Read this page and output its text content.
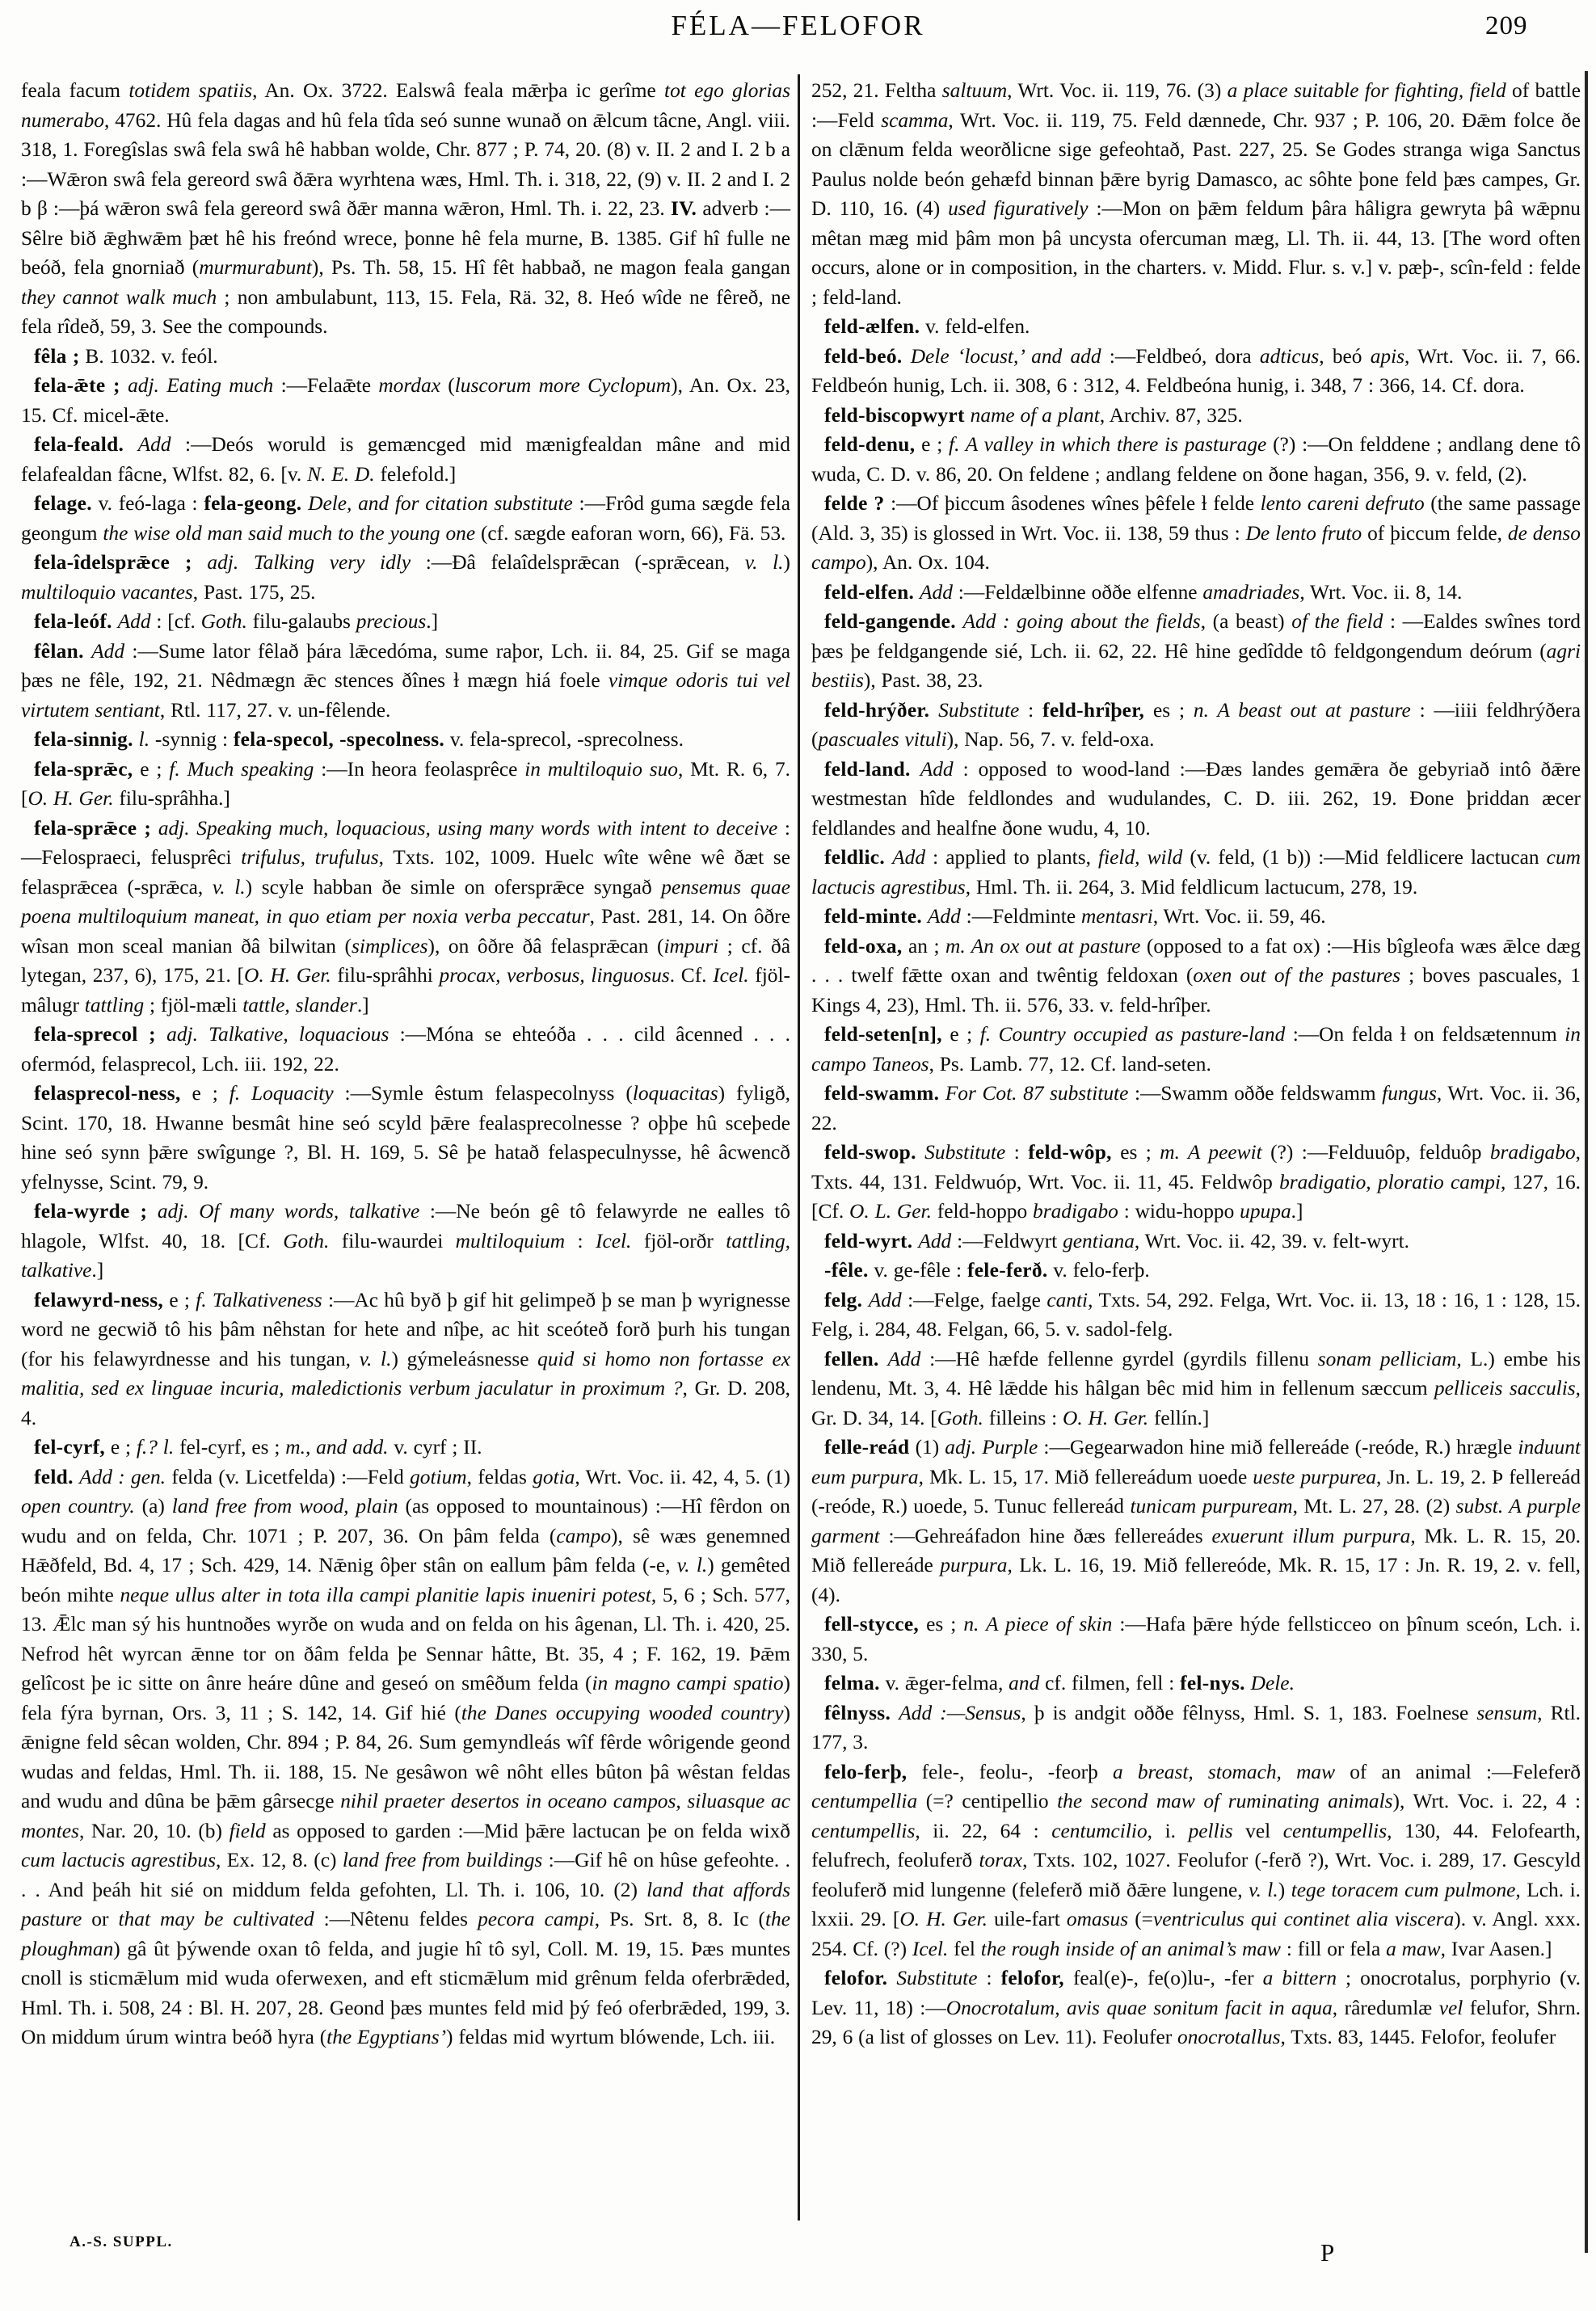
FÉLA—FELOFOR	209

feala facum totidem spatiis, An. Ox. 3722. Ealswâ feala mǣrþa ic gerîme tot ego glorias numerabo, 4762. Hû fela dagas and hû fela tîda seó sunne wunað on ǣlcum tâcne, Angl. viii. 318, 1. Foregîslas swâ fela swâ hê habban wolde, Chr. 877 ; P. 74, 20. (8) v. II. 2 and I. 2 b a :—Wǣron swâ fela gereord swâ ðǣra wyrhtena wæs, Hml. Th. i. 318, 22, (9) v. II. 2 and I. 2 b β :—þá wǣron swâ fela gereord swâ ðǣr manna wǣron, Hml. Th. i. 22, 23. IV. adverb :—Sêlre bið ǣghwǣm þæt hê his freónd wrece, þonne hê fela murne, B. 1385. Gif hî fulle ne beóð, fela gnorniað (murmurabunt), Ps. Th. 58, 15. Hî fêt habbað, ne magon feala gangan they cannot walk much ; non ambulabunt, 113, 15. Fela, Rä. 32, 8. Heó wîde ne fêreð, ne fela rîdeð, 59, 3. See the compounds.

fêla ; B. 1032. v. feól.

fela-ǣte ; adj. Eating much :—Felaǣte mordax (luscorum more Cyclopum), An. Ox. 23, 15. Cf. micel-ǣte.

fela-feald. Add :—Deós woruld is gemæncged mid mænigfealdan mâne and mid felafealdan fâcne, Wlfst. 82, 6. [v. N. E. D. felefold.]

felage. v. feó-laga : fela-geong. Dele, and for citation substitute :—Frôd guma sægde fela geongum the wise old man said much to the young one (cf. sægde eaforan worn, 66), Fä. 53.

fela-îdelsprǣce ; adj. Talking very idly :—Ðâ felaîdelsprǣcan (-sprǣcean, v. l.) multiloquio vacantes, Past. 175, 25.

fela-leóf. Add : [cf. Goth. filu-galaubs precious.]

fêlan. Add :—Sume lator fêlað þára lǣcedóma, sume raþor, Lch. ii. 84, 25. Gif se maga þæs ne fêle, 192, 21. Nêdmægn ǣc stences ðînes ɫ mægn hiá foele vimque odoris tui vel virtutem sentiant, Rtl. 117, 27. v. un-fêlende.

fela-sinnig. l. -synnig : fela-specol, -specolness. v. fela-sprecol, -sprecolness.

fela-sprǣc, e ; f. Much speaking :—In heora feolasprêce in multiloquio suo, Mt. R. 6, 7. [O. H. Ger. filu-sprâhha.]

fela-sprǣce ; adj. Speaking much, loquacious, using many words with intent to deceive :—Felospraeci, felusprêci trifulus, trufulus, Txts. 102, 1009. Huelc wîte wêne wê ðæt se felasprǣcea (-sprǣca, v. l.) scyle habban ðe simle on ofersprǣce syngað pensemus quae poena multiloquium maneat, in quo etiam per noxia verba peccatur, Past. 281, 14. On ôðre wîsan mon sceal manian ðâ bilwitan (simplices), on ôðre ðâ felasprǣcan (impuri ; cf. ðâ lytegan, 237, 6), 175, 21. [O. H. Ger. filu-sprâhhi procax, verbosus, linguosus. Cf. Icel. fjöl-mâlugr tattling ; fjöl-mæli tattle, slander.]

fela-sprecol ; adj. Talkative, loquacious :—Móna se ehteóða . . . cild âcenned . . . ofermód, felasprecol, Lch. iii. 192, 22.

felasprecol-ness, e ; f. Loquacity :—Symle êstum felaspecolnyss (loquacitas) fyligð, Scint. 170, 18. Hwanne besmât hine seó scyld þǣre fealasprecolnesse ? oþþe hû sceþede hine seó synn þǣre swîgunge ?, Bl. H. 169, 5. Sê þe hatað felaspeculnysse, hê âcwencð yfelnysse, Scint. 79, 9.

fela-wyrde ; adj. Of many words, talkative :—Ne beón gê tô felawyrde ne ealles tô hlagole, Wlfst. 40, 18. [Cf. Goth. filu-waurdei multiloquium : Icel. fjöl-orðr tattling, talkative.]

felawyrd-ness, e ; f. Talkativeness :—Ac hû byð þ gif hit gelimpeð þ se man þ wyrignesse word ne gecwið tô his þâm nêhstan for hete and nîþe, ac hit sceóteð forð þurh his tungan (for his felawyrdnesse and his tungan, v. l.) gýmeleásnesse quid si homo non fortasse ex malitia, sed ex linguae incuria, maledictionis verbum jaculatur in proximum ?, Gr. D. 208, 4.

fel-cyrf, e ; f.? l. fel-cyrf, es ; m., and add. v. cyrf ; II.

feld. Add : gen. felda (v. Licetfelda) :—Feld gotium, feldas gotia, Wrt. Voc. ii. 42, 4, 5. (1) open country. (a) land free from wood, plain (as opposed to mountainous) :—Hî fêrdon on wudu and on felda, Chr. 1071 ; P. 207, 36. On þâm felda (campo), sê wæs genemned Hǣðfeld, Bd. 4, 17 ; Sch. 429, 14. Nǣnig ôþer stân on eallum þâm felda (-e, v. l.) gemêted beón mihte neque ullus alter in tota illa campi planitie lapis inueniri potest, 5, 6 ; Sch. 577, 13. Ǣlc man sý his huntnoðes wyrðe on wuda and on felda on his âgenan, Ll. Th. i. 420, 25. Nefrod hêt wyrcan ǣnne tor on ðâm felda þe Sennar hâtte, Bt. 35, 4 ; F. 162, 19. Þǣm gelîcost þe ic sitte on ânre heáre dûne and geseó on smêðum felda (in magno campi spatio) fela fýra byrnan, Ors. 3, 11 ; S. 142, 14. Gif hié (the Danes occupying wooded country) ǣnigne feld sêcan wolden, Chr. 894 ; P. 84, 26. Sum gemyndleás wîf fêrde wôrigende geond wudas and feldas, Hml. Th. ii. 188, 15. Ne gesâwon wê nôht elles bûton þâ wêstan feldas and wudu and dûna be þǣm gârsecge nihil praeter desertos in oceano campos, siluasque ac montes, Nar. 20, 10. (b) field as opposed to garden :—Mid þǣre lactucan þe on felda wixð cum lactucis agrestibus, Ex. 12, 8. (c) land free from buildings :—Gif hê on hûse gefeohte. . . . And þeáh hit sié on middum felda gefohten, Ll. Th. i. 106, 10. (2) land that affords pasture or that may be cultivated :—Nêtenu feldes pecora campi, Ps. Srt. 8, 8. Ic (the ploughman) gâ ût þýwende oxan tô felda, and jugie hî tô syl, Coll. M. 19, 15. Þæs muntes cnoll is sticmǣlum mid wuda oferwexen, and eft sticmǣlum mid grênum felda oferbrǣded, Hml. Th. i. 508, 24 : Bl. H. 207, 28. Geond þæs muntes feld mid þý feó oferbrǣded, 199, 3. On middum úrum wintra beóð hyra (the Egyptians’) feldas mid wyrtum blówende, Lch. iii.

252, 21. Feltha saltuum, Wrt. Voc. ii. 119, 76. (3) a place suitable for fighting, field of battle :—Feld scamma, Wrt. Voc. ii. 119, 75. Feld dænnede, Chr. 937 ; P. 106, 20. Ðǣm folce ðe on clǣnum felda weorðlicne sige gefeohtað, Past. 227, 25. Se Godes stranga wiga Sanctus Paulus nolde beón gehæfd binnan þǣre byrig Damasco, ac sôhte þone feld þæs campes, Gr. D. 110, 16. (4) used figuratively :—Mon on þǣm feldum þâra hâligra gewryta þâ wǣpnu mêtan mæg mid þâm mon þâ uncysta ofercuman mæg, Ll. Th. ii. 44, 13. [The word often occurs, alone or in composition, in the charters. v. Midd. Flur. s. v.] v. pæþ-, scîn-feld : felde ; feld-land.

feld-ælfen. v. feld-elfen.

feld-beó. Dele ‘locust,’ and add :—Feldbeó, dora adticus, beó apis, Wrt. Voc. ii. 7, 66. Feldbeón hunig, Lch. ii. 308, 6 : 312, 4. Feldbeóna hunig, i. 348, 7 : 366, 14. Cf. dora.

feld-biscopwyrt name of a plant, Archiv. 87, 325.

feld-denu, e ; f. A valley in which there is pasturage (?) :—On felddene ; andlang dene tô wuda, C. D. v. 86, 20. On feldene ; andlang feldene on ðone hagan, 356, 9. v. feld, (2).

felde ? :—Of þiccum âsodenes wînes þêfele ɫ felde lento careni defruto (the same passage (Ald. 3, 35) is glossed in Wrt. Voc. ii. 138, 59 thus : De lento fruto of þiccum felde, de denso campo), An. Ox. 104.

feld-elfen. Add :—Feldælbinne oððe elfenne amadriades, Wrt. Voc. ii. 8, 14.

feld-gangende. Add : going about the fields, (a beast) of the field : —Ealdes swînes tord þæs þe feldgangende sié, Lch. ii. 62, 22. Hê hine gedîdde tô feldgongendum deórum (agri bestiis), Past. 38, 23.

feld-hrýðer. Substitute : feld-hrîþer, es ; n. A beast out at pasture : —iiii feldhrýðera (pascuales vituli), Nap. 56, 7. v. feld-oxa.

feld-land. Add : opposed to wood-land :—Ðæs landes gemǣra ðe gebyriað intô ðǣre westmestan hîde feldlondes and wudulandes, C. D. iii. 262, 19. Ðone þriddan æcer feldlandes and healfne ðone wudu, 4, 10.

feldlic. Add : applied to plants, field, wild (v. feld, (1 b)) :—Mid feldlicere lactucan cum lactucis agrestibus, Hml. Th. ii. 264, 3. Mid feldlicum lactucum, 278, 19.

feld-minte. Add :—Feldminte mentasri, Wrt. Voc. ii. 59, 46.

feld-oxa, an ; m. An ox out at pasture (opposed to a fat ox) :—His bîgleofa wæs ǣlce dæg . . . twelf fǣtte oxan and twêntig feldoxan (oxen out of the pastures ; boves pascuales, 1 Kings 4, 23), Hml. Th. ii. 576, 33. v. feld-hrîþer.

feld-seten[n], e ; f. Country occupied as pasture-land :—On felda ɫ on feldsætennum in campo Taneos, Ps. Lamb. 77, 12. Cf. land-seten.

feld-swamm. For Cot. 87 substitute :—Swamm oððe feldswamm fungus, Wrt. Voc. ii. 36, 22.

feld-swop. Substitute : feld-wôp, es ; m. A peewit (?) :—Felduuôp, felduôp bradigabo, Txts. 44, 131. Feldwuóp, Wrt. Voc. ii. 11, 45. Feldwôp bradigatio, ploratio campi, 127, 16. [Cf. O. L. Ger. feld-hoppo bradigabo : widu-hoppo upupa.]

feld-wyrt. Add :—Feldwyrt gentiana, Wrt. Voc. ii. 42, 39. v. felt-wyrt.

-fêle. v. ge-fêle : fele-ferð. v. felo-ferþ.

felg. Add :—Felge, faelge canti, Txts. 54, 292. Felga, Wrt. Voc. ii. 13, 18 : 16, 1 : 128, 15. Felg, i. 284, 48. Felgan, 66, 5. v. sadol-felg.

fellen. Add :—Hê hæfde fellenne gyrdel (gyrdils fillenu sonam pelliciam, L.) embe his lendenu, Mt. 3, 4. Hê lǣdde his hâlgan bêc mid him in fellenum sæccum pelliceis sacculis, Gr. D. 34, 14. [Goth. filleins : O. H. Ger. fellín.]

felle-reád (1) adj. Purple :—Gegearwadon hine mið fellereáde (-reóde, R.) hrægle induunt eum purpura, Mk. L. 15, 17. Mið fellereádum uoede ueste purpurea, Jn. L. 19, 2. Þ fellereád (-reóde, R.) uoede, 5. Tunuc fellereád tunicam purpuream, Mt. L. 27, 28. (2) subst. A purple garment :—Gehreáfadon hine ðæs fellereádes exuerunt illum purpura, Mk. L. R. 15, 20. Mið fellereáde purpura, Lk. L. 16, 19. Mið fellereóde, Mk. R. 15, 17 : Jn. R. 19, 2. v. fell, (4).

fell-stycce, es ; n. A piece of skin :—Hafa þǣre hýde fellsticceo on þînum sceón, Lch. i. 330, 5.

felma. v. ǣger-felma, and cf. filmen, fell : fel-nys. Dele.

fêlnyss. Add :—Sensus, þ is andgit oððe fêlnyss, Hml. S. 1, 183. Foelnese sensum, Rtl. 177, 3.

felo-ferþ, fele-, feolu-, -feorþ a breast, stomach, maw of an animal :—Feleferð centumpellia (=? centipellio the second maw of ruminating animals), Wrt. Voc. i. 22, 4 : centumpellis, ii. 22, 64 : centumcilio, i. pellis vel centumpellis, 130, 44. Felofearth, felufrech, feoluferð torax, Txts. 102, 1027. Feolufor (-ferð ?), Wrt. Voc. i. 289, 17. Gescyld feoluferð mid lungenne (feleferð mið ðǣre lungene, v. l.) tege toracem cum pulmone, Lch. i. lxxii. 29. [O. H. Ger. uile-fart omasus (=ventriculus qui continet alia viscera). v. Angl. xxx. 254. Cf. (?) Icel. fel the rough inside of an animal’s maw : fill or fela a maw, Ivar Aasen.]

felofor. Substitute : felofor, feal(e)-, fe(o)lu-, -fer a bittern ; onocrotalus, porphyrio (v. Lev. 11, 18) :—Onocrotalum, avis quae sonitum facit in aqua, râredumlæ vel felufor, Shrn. 29, 6 (a list of glosses on Lev. 11). Feolufer onocrotallus, Txts. 83, 1445. Felofor, feolufer

A.-S. SUPPL.	P
